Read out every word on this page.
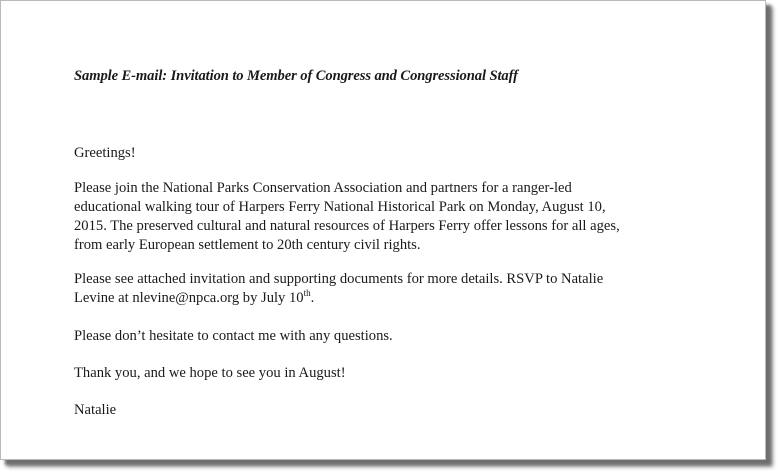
Sample E-mail: Invitation to Member of Congress and Congressional Staff

Greetings!

Please join the National Parks Conservation Association and partners for a ranger-led
educational walking tour of Harpers Ferry National Historical Park on Monday, August 10,
2015. The preserved cultural and natural resources of Harpers Ferry offer lessons for all ages,
from early European settlement to 20th century civil rights.

Please see attached invitation and supporting documents for more details. RSVP to Natalie
Levine at nlevine@npca.org by July 10th.

Please don’t hesitate to contact me with any questions.

Thank you, and we hope to see you in August!

Natalie
